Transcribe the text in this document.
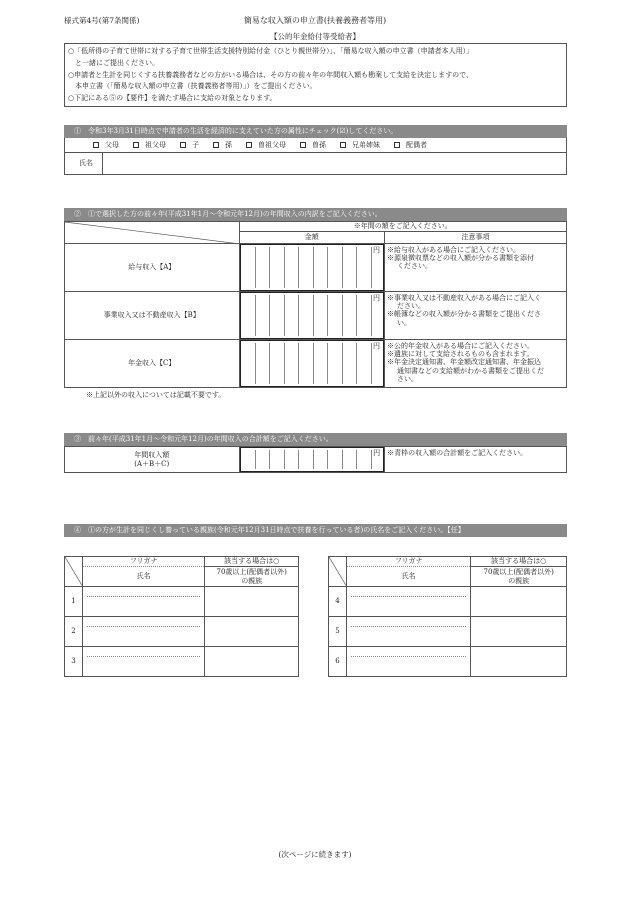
様式第4号(第7条関係)	簡易な収入額の申立書(扶養義務者等用)
【公的年金給付等受給者】
○「低所得の子育て世帯に対する子育て世帯生活支援特別給付金（ひとり親世帯分）」、「簡易な収入額の申立書（申請者本人用）」
　と一緒にご提出ください。
○申請者と生計を同じくする扶養義務者などの方がいる場合は、その方の前々年の年間収入額も勘案して支給を決定しますので、
　本申立書（「簡易な収入額の申立書（扶養義務者等用）」）をご提出ください。
○下記にある⑤の【要件】を満たす場合に支給の対象となります。
①　令和3年3月31日時点で申請者の生活を経済的に支えていた方の属性にチェック(☑)してください。
父母	祖父母	子	孫	曽祖父母	曽孫	兄弟姉妹	配偶者
氏名
②　①で選択した方の前々年(平成31年1月～令和元年12月)の年間収入の内訳をご記入ください。
	※年間の額をご記入ください。	
	金額	注意事項
給与収入【A】	円	※給与収入がある場合にご記入ください。
※源泉徴収票などの収入額が分かる書類を添付
ください。

事業収入又は不動産収入【B】	円	※事業収入又は不動産収入がある場合にご記入く
ださい。
※帳簿などの収入額が分かる書類をご提出くださ
い。

年金収入【C】	円	※公的年金収入がある場合にご記入ください。
※遺族に対して支給されるものも含まれます。
※年金決定通知書、年金額改定通知書、年金振込
通知書などの支給額がわかる書類をご提出くだ
さい。
※上記以外の収入については記載不要です。
③　前々年(平成31年1月～令和元年12月)の年間収入の合計額をご記入ください。
年間収入額
(A＋B＋C)

円	※青枠の収入額の合計額をご記入ください。
④　①の方が生計を同じくし養っている親族(令和元年12月31日時点で扶養を行っている者)の氏名をご記入ください。【任】
	フリガナ	該当する場合は○
	氏名	70歳以上(配偶者以外)
の親族

1	

2	

3	

	フリガナ	該当する場合は○
	氏名	70歳以上(配偶者以外)
の親族

4	

5	

6	

(次ページに続きます)
